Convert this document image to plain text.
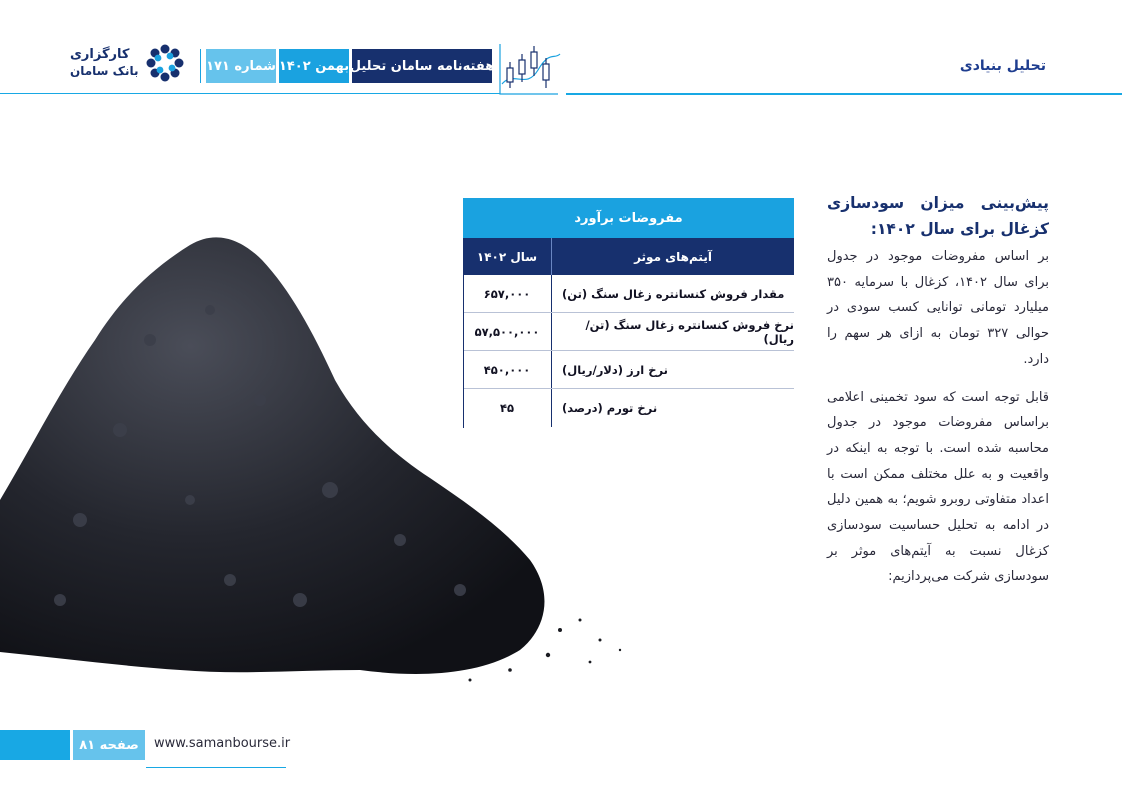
تحلیل بنیادی
هفته‌نامه سامان تحلیل
بهمن ۱۴۰۲
شماره ۱۷۱
کارگزاری
بانک سامان
مفروضات برآورد
آیتم‌های موثر
سال ۱۴۰۲
مقدار فروش کنسانتره زغال سنگ (تن)
۶۵۷,۰۰۰
نرخ فروش کنسانتره زغال سنگ (تن/ریال)
۵۷,۵۰۰,۰۰۰
نرخ ارز (دلار/ریال)
۴۵۰,۰۰۰
نرخ تورم (درصد)
۴۵
پیش‌بینی میزان سودسازی کزغال برای سال ۱۴۰۲:

بر اساس مفروضات موجود در جدول برای سال ۱۴۰۲، کزغال با سرمایه ۳۵۰ میلیارد تومانی توانایی کسب سودی در حوالی ۳۲۷ تومان به ازای هر سهم را دارد.

قابل توجه است که سود تخمینی اعلامی براساس مفروضات موجود در جدول محاسبه شده است. با توجه به اینکه در واقعیت و به علل مختلف ممکن است با اعداد متفاوتی روبرو شویم؛ به همین دلیل در ادامه به تحلیل حساسیت سودسازی کزغال نسبت به آیتم‌های موثر بر سودسازی شرکت می‌پردازیم:

صفحه ۸۱	www.samanbourse.ir
